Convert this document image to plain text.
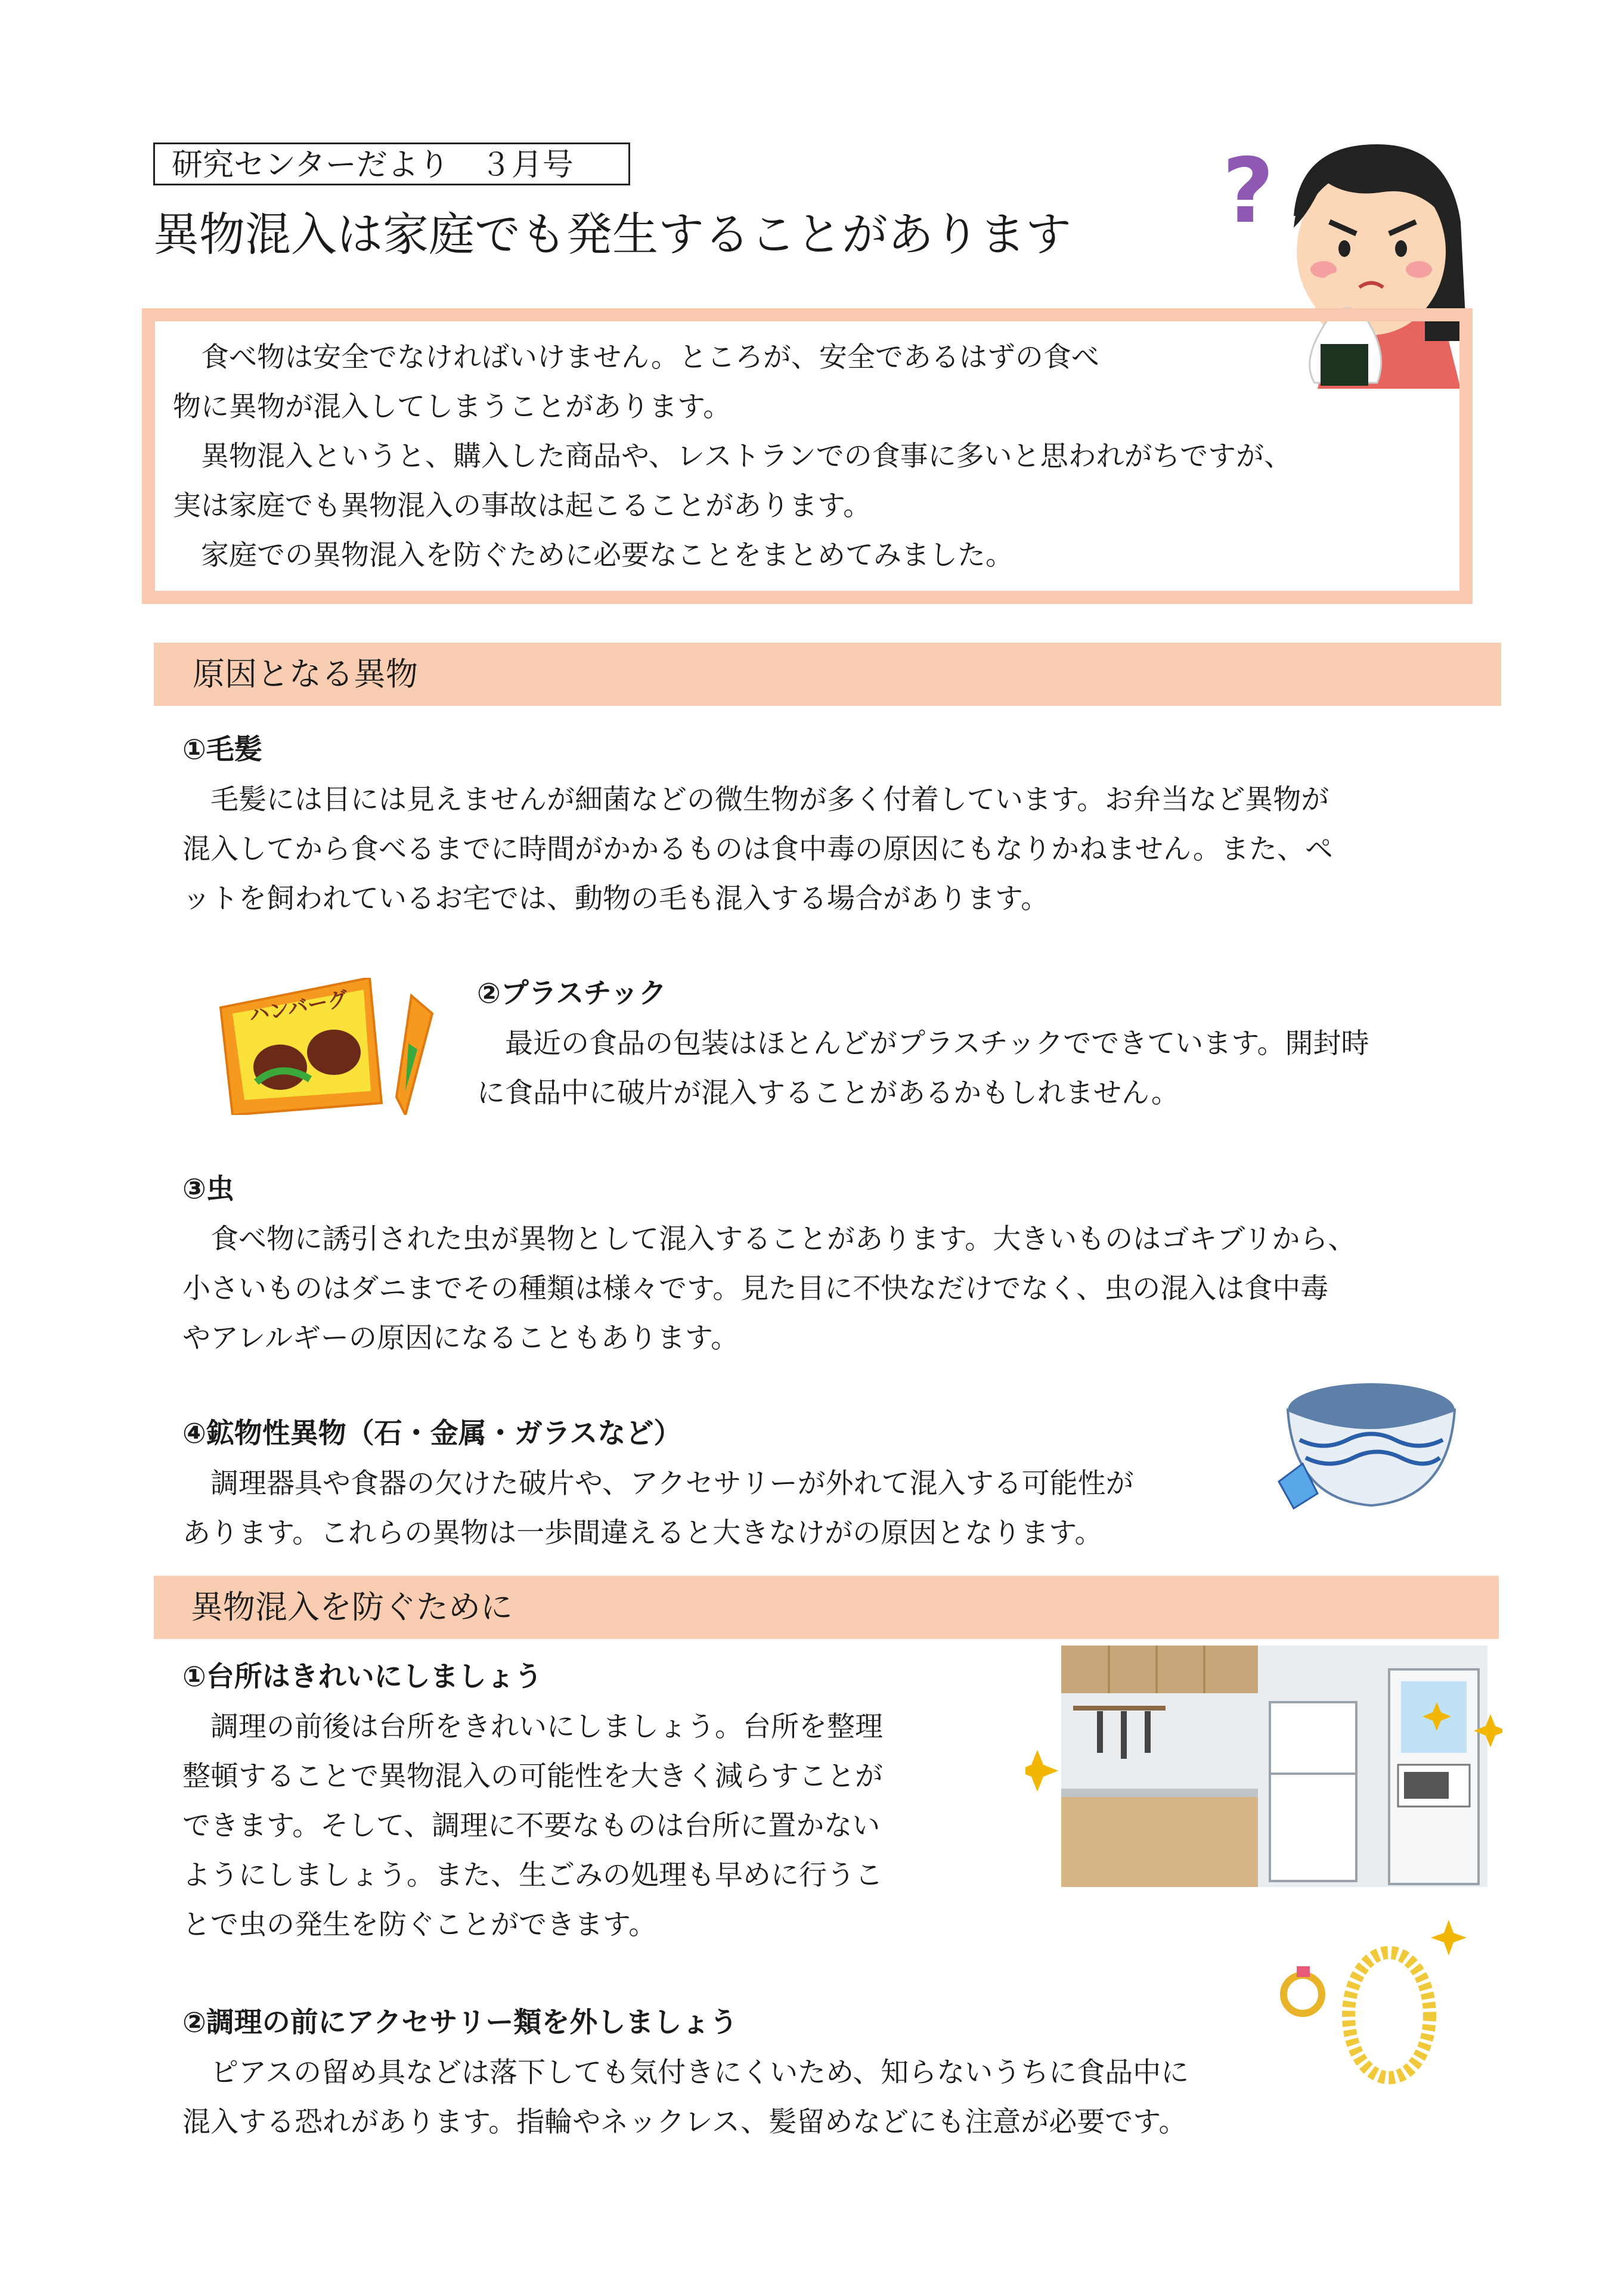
研究センターだより　３月号
異物混入は家庭でも発生することがあります ?

食べ物は安全でなければいけません。ところが、安全であるはずの食べ

物に異物が混入してしまうことがあります。

異物混入というと、購入した商品や、レストランでの食事に多いと思われがちですが、

実は家庭でも異物混入の事故は起こることがあります。

家庭での異物混入を防ぐために必要なことをまとめてみました。

原因となる異物

①毛髪

毛髪には目には見えませんが細菌などの微生物が多く付着しています。お弁当など異物が

混入してから食べるまでに時間がかかるものは食中毒の原因にもなりかねません。また、ペ

ットを飼われているお宅では、動物の毛も混入する場合があります。

ハンバーグ	②プラスチック

最近の食品の包装はほとんどがプラスチックでできています。開封時

に食品中に破片が混入することがあるかもしれません。

③虫

食べ物に誘引された虫が異物として混入することがあります。大きいものはゴキブリから、

小さいものはダニまでその種類は様々です。見た目に不快なだけでなく、虫の混入は食中毒

やアレルギーの原因になることもあります。

④鉱物性異物（石・金属・ガラスなど）

調理器具や食器の欠けた破片や、アクセサリーが外れて混入する可能性が

あります。これらの異物は一歩間違えると大きなけがの原因となります。

異物混入を防ぐために

①台所はきれいにしましょう

調理の前後は台所をきれいにしましょう。台所を整理

整頓することで異物混入の可能性を大きく減らすことが

できます。そして、調理に不要なものは台所に置かない

ようにしましょう。また、生ごみの処理も早めに行うこ

とで虫の発生を防ぐことができます。

②調理の前にアクセサリー類を外しましょう

ピアスの留め具などは落下しても気付きにくいため、知らないうちに食品中に

混入する恐れがあります。指輪やネックレス、髪留めなどにも注意が必要です。
